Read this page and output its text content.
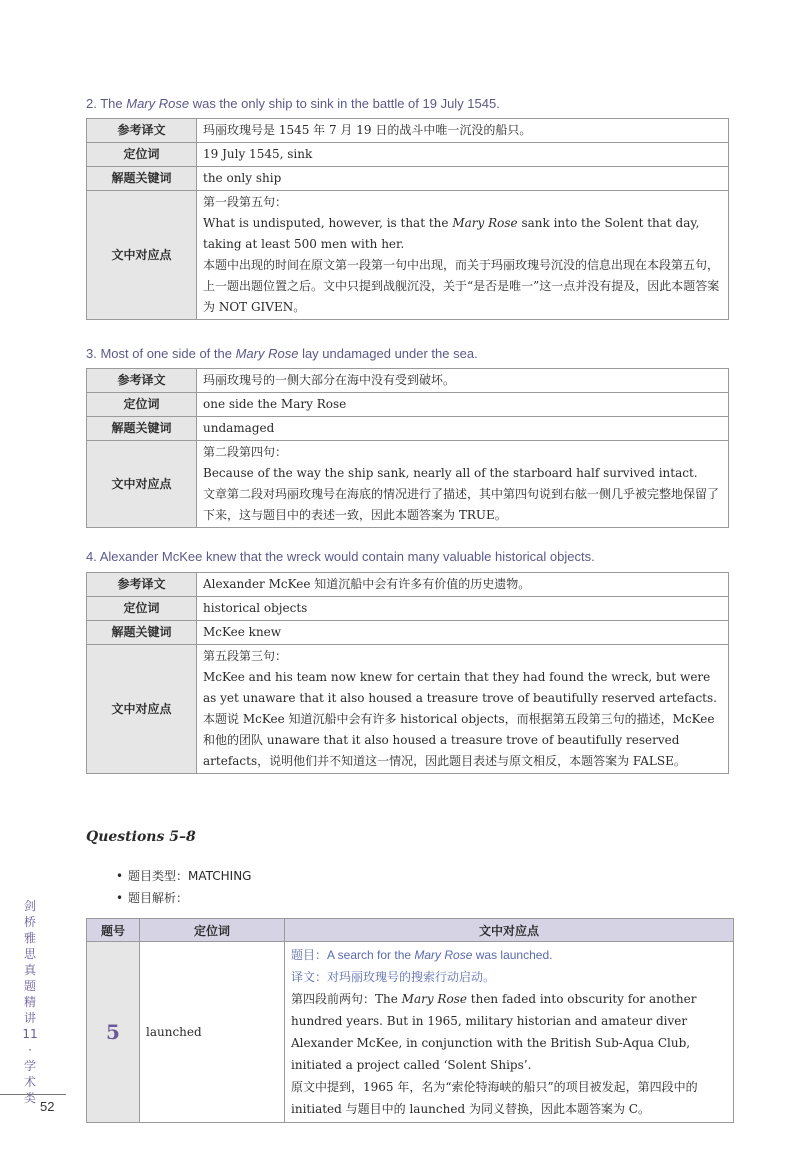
2. The Mary Rose was the only ship to sink in the battle of 19 July 1545.
参考译文	玛丽玫瑰号是 1545 年 7 月 19 日的战斗中唯一沉没的船只。
定位词	19 July 1545, sink
解题关键词	the only ship
文中对应点	第一段第五句：
What is undisputed, however, is that the Mary Rose sank into the Solent that day, taking at least 500 men with her.
本题中出现的时间在原文第一段第一句中出现，而关于玛丽玫瑰号沉没的信息出现在本段第五句，上一题出题位置之后。文中只提到战舰沉没，关于“是否是唯一”这一点并没有提及，因此本题答案为 NOT GIVEN。
3. Most of one side of the Mary Rose lay undamaged under the sea.
参考译文	玛丽玫瑰号的一侧大部分在海中没有受到破坏。
定位词	one side the Mary Rose
解题关键词	undamaged
文中对应点	第二段第四句：
Because of the way the ship sank, nearly all of the starboard half survived intact.
文章第二段对玛丽玫瑰号在海底的情况进行了描述，其中第四句说到右舷一侧几乎被完整地保留了下来，这与题目中的表述一致，因此本题答案为 TRUE。
4. Alexander McKee knew that the wreck would contain many valuable historical objects.
参考译文	Alexander McKee 知道沉船中会有许多有价值的历史遗物。
定位词	historical objects
解题关键词	McKee knew
文中对应点	第五段第三句：
McKee and his team now knew for certain that they had found the wreck, but were as yet unaware that it also housed a treasure trove of beautifully reserved artefacts.
本题说 McKee 知道沉船中会有许多 historical objects，而根据第五段第三句的描述，McKee 和他的团队 unaware that it also housed a treasure trove of beautifully reserved artefacts，说明他们并不知道这一情况，因此题目表述与原文相反，本题答案为 FALSE。
Questions 5–8
• 题目类型：MATCHING
• 题目解析：
题号	定位词	文中对应点
5	launched	题目：A search for the Mary Rose was launched.
译文：对玛丽玫瑰号的搜索行动启动。
第四段前两句：The Mary Rose then faded into obscurity for another hundred years. But in 1965, military historian and amateur diver Alexander McKee, in conjunction with the British Sub-Aqua Club, initiated a project called ‘Solent Ships’.
原文中提到，1965 年，名为“索伦特海峡的船只”的项目被发起，第四段中的 initiated 与题目中的 launched 为同义替换，因此本题答案为 C。
剑
桥
雅
思
真
题
精
讲
11
·
学
术
类
52
